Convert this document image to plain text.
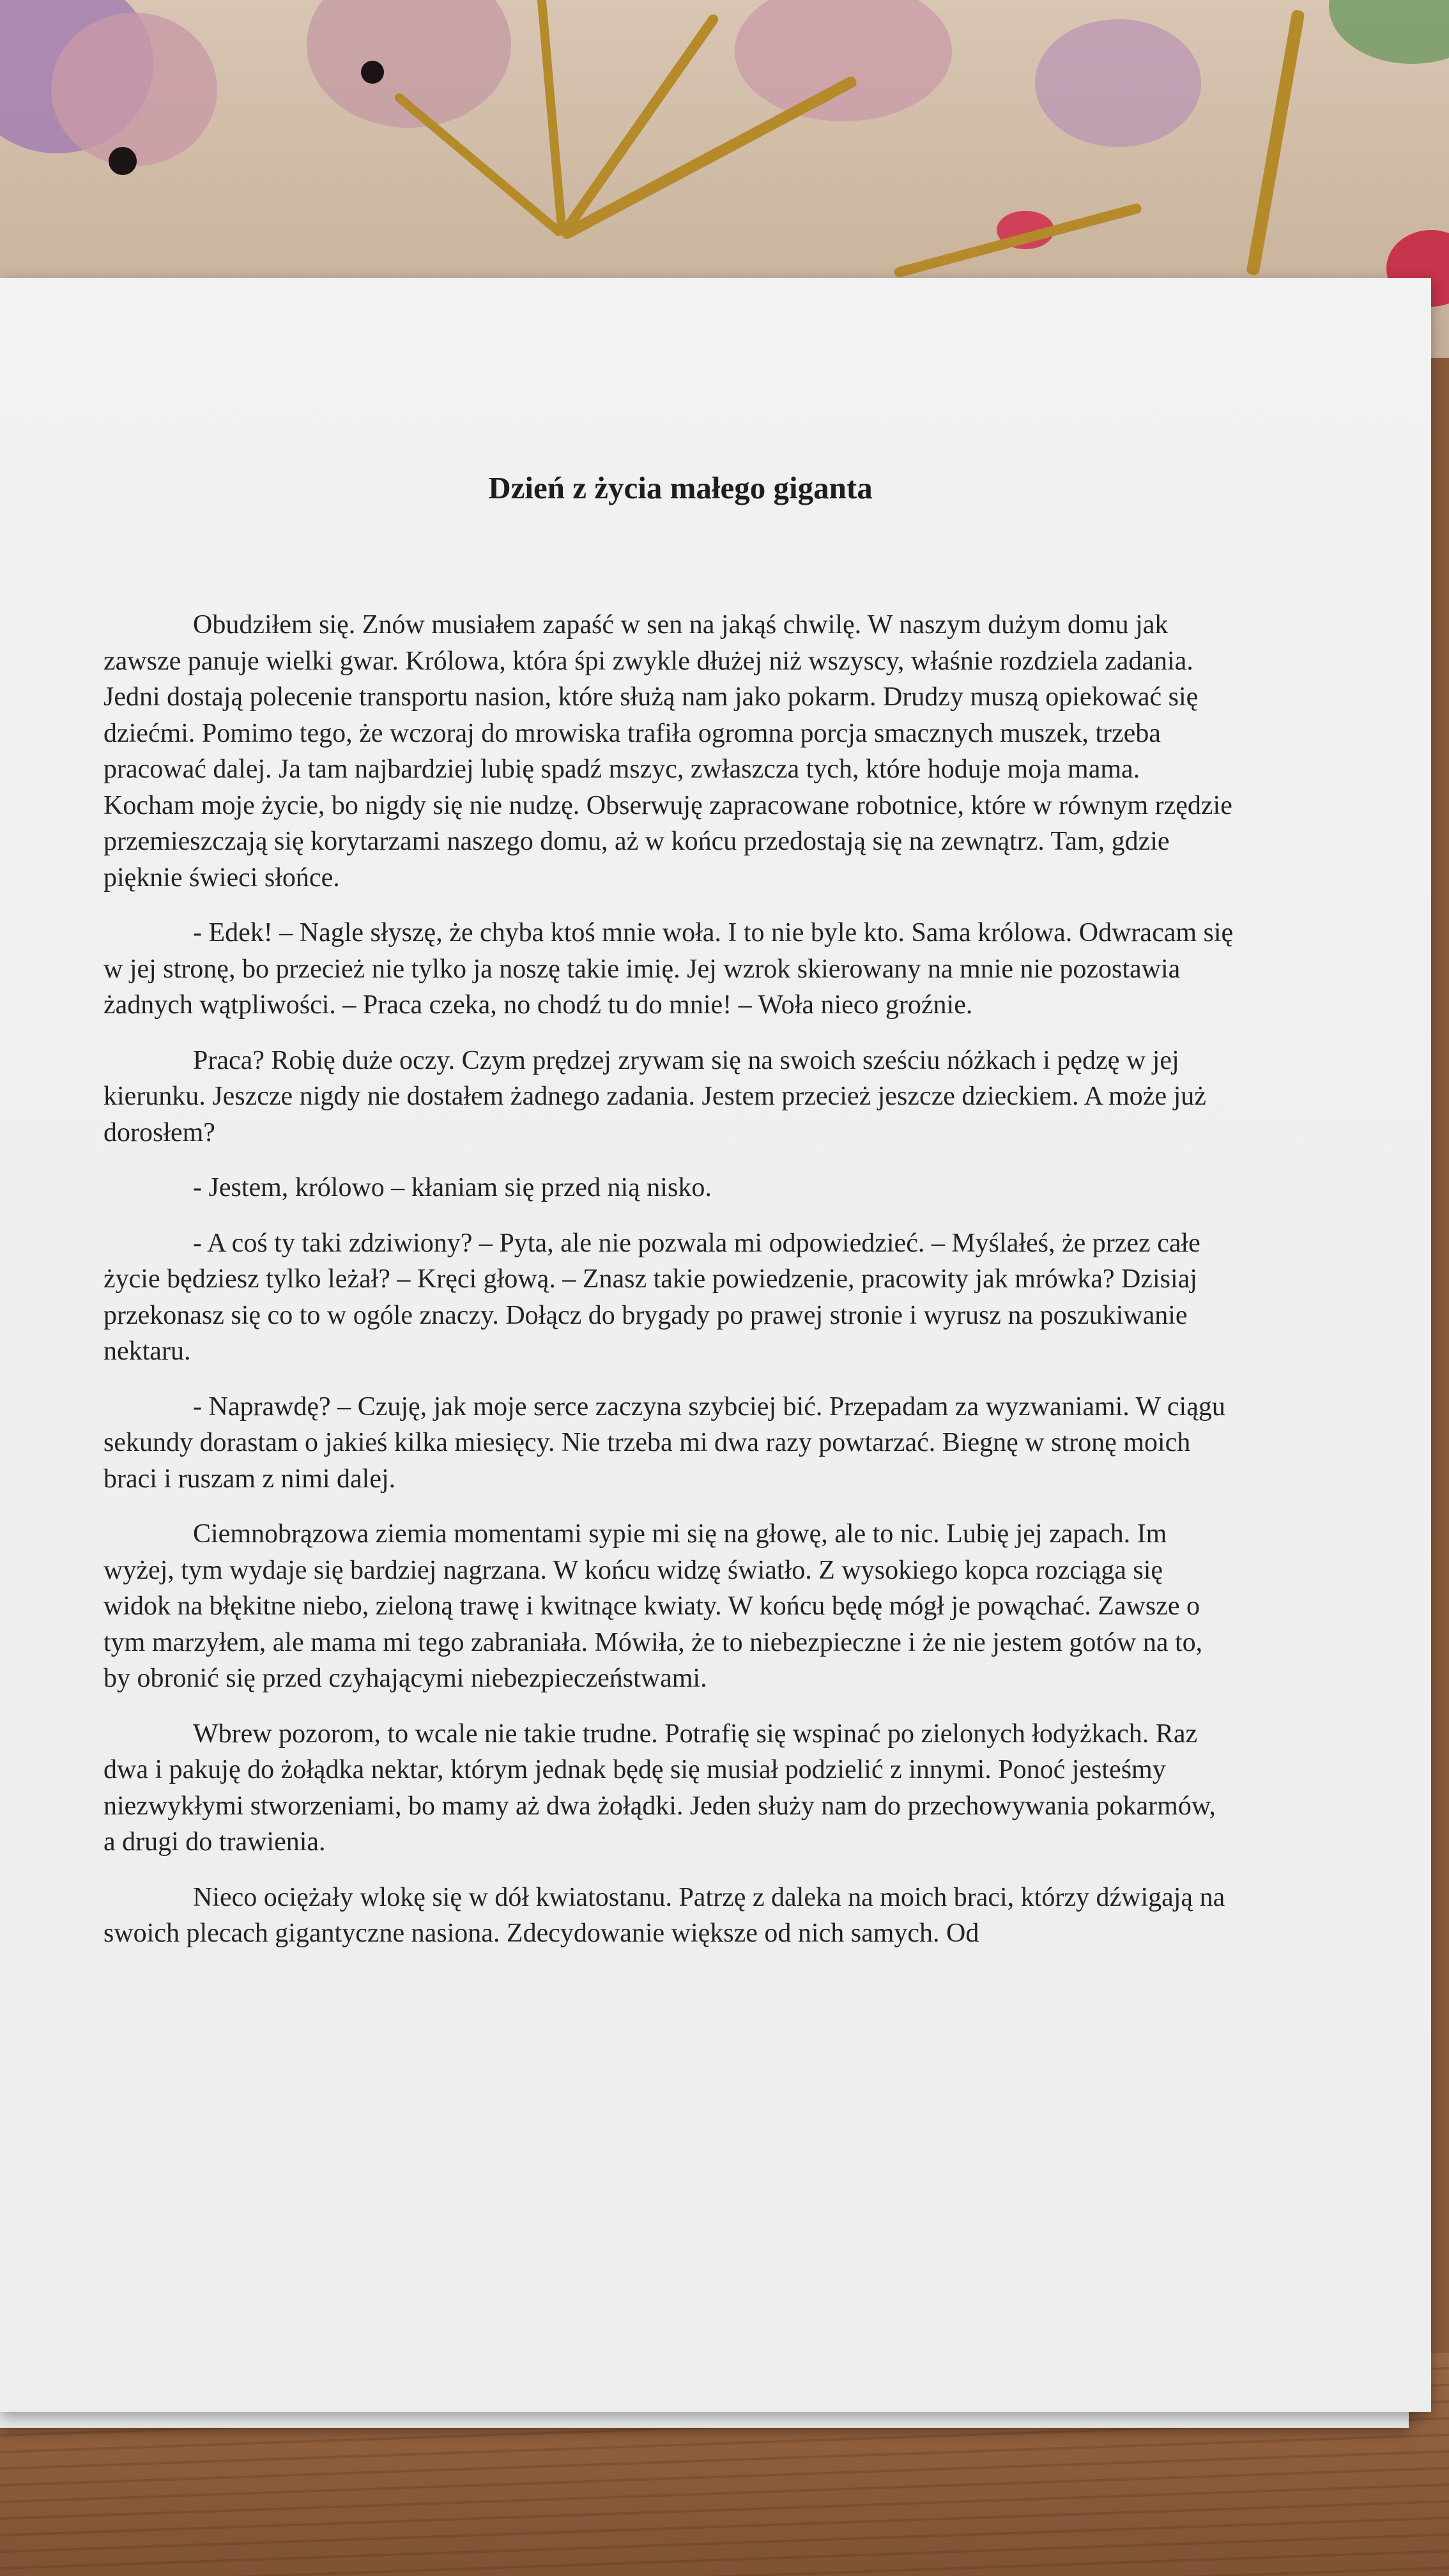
Dzień z życia małego giganta

Obudziłem się. Znów musiałem zapaść w sen na jakąś chwilę. W naszym dużym domu jak zawsze panuje wielki gwar. Królowa, która śpi zwykle dłużej niż wszyscy, właśnie rozdziela zadania. Jedni dostają polecenie transportu nasion, które służą nam jako pokarm. Drudzy muszą opiekować się dziećmi. Pomimo tego, że wczoraj do mrowiska trafiła ogromna porcja smacznych muszek, trzeba pracować dalej. Ja tam najbardziej lubię spadź mszyc, zwłaszcza tych, które hoduje moja mama. Kocham moje życie, bo nigdy się nie nudzę. Obserwuję zapracowane robotnice, które w równym rzędzie przemieszczają się korytarzami naszego domu, aż w końcu przedostają się na zewnątrz. Tam, gdzie pięknie świeci słońce.

- Edek! – Nagle słyszę, że chyba ktoś mnie woła. I to nie byle kto. Sama królowa. Odwracam się w jej stronę, bo przecież nie tylko ja noszę takie imię. Jej wzrok skierowany na mnie nie pozostawia żadnych wątpliwości. – Praca czeka, no chodź tu do mnie! – Woła nieco groźnie.

Praca? Robię duże oczy. Czym prędzej zrywam się na swoich sześciu nóżkach i pędzę w jej kierunku. Jeszcze nigdy nie dostałem żadnego zadania. Jestem przecież jeszcze dzieckiem. A może już dorosłem?

- Jestem, królowo – kłaniam się przed nią nisko.

- A coś ty taki zdziwiony? – Pyta, ale nie pozwala mi odpowiedzieć. – Myślałeś, że przez całe życie będziesz tylko leżał? – Kręci głową. – Znasz takie powiedzenie, pracowity jak mrówka? Dzisiaj przekonasz się co to w ogóle znaczy. Dołącz do brygady po prawej stronie i wyrusz na poszukiwanie nektaru.

- Naprawdę? – Czuję, jak moje serce zaczyna szybciej bić. Przepadam za wyzwaniami. W ciągu sekundy dorastam o jakieś kilka miesięcy. Nie trzeba mi dwa razy powtarzać. Biegnę w stronę moich braci i ruszam z nimi dalej.

Ciemnobrązowa ziemia momentami sypie mi się na głowę, ale to nic. Lubię jej zapach. Im wyżej, tym wydaje się bardziej nagrzana. W końcu widzę światło. Z wysokiego kopca rozciąga się widok na błękitne niebo, zieloną trawę i kwitnące kwiaty. W końcu będę mógł je powąchać. Zawsze o tym marzyłem, ale mama mi tego zabraniała. Mówiła, że to niebezpieczne i że nie jestem gotów na to, by obronić się przed czyhającymi niebezpieczeństwami.

Wbrew pozorom, to wcale nie takie trudne. Potrafię się wspinać po zielonych łodyżkach. Raz dwa i pakuję do żołądka nektar, którym jednak będę się musiał podzielić z innymi. Ponoć jesteśmy niezwykłymi stworzeniami, bo mamy aż dwa żołądki. Jeden służy nam do przechowywania pokarmów, a drugi do trawienia.

Nieco ociężały wlokę się w dół kwiatostanu. Patrzę z daleka na moich braci, którzy dźwigają na swoich plecach gigantyczne nasiona. Zdecydowanie większe od nich samych. Od
